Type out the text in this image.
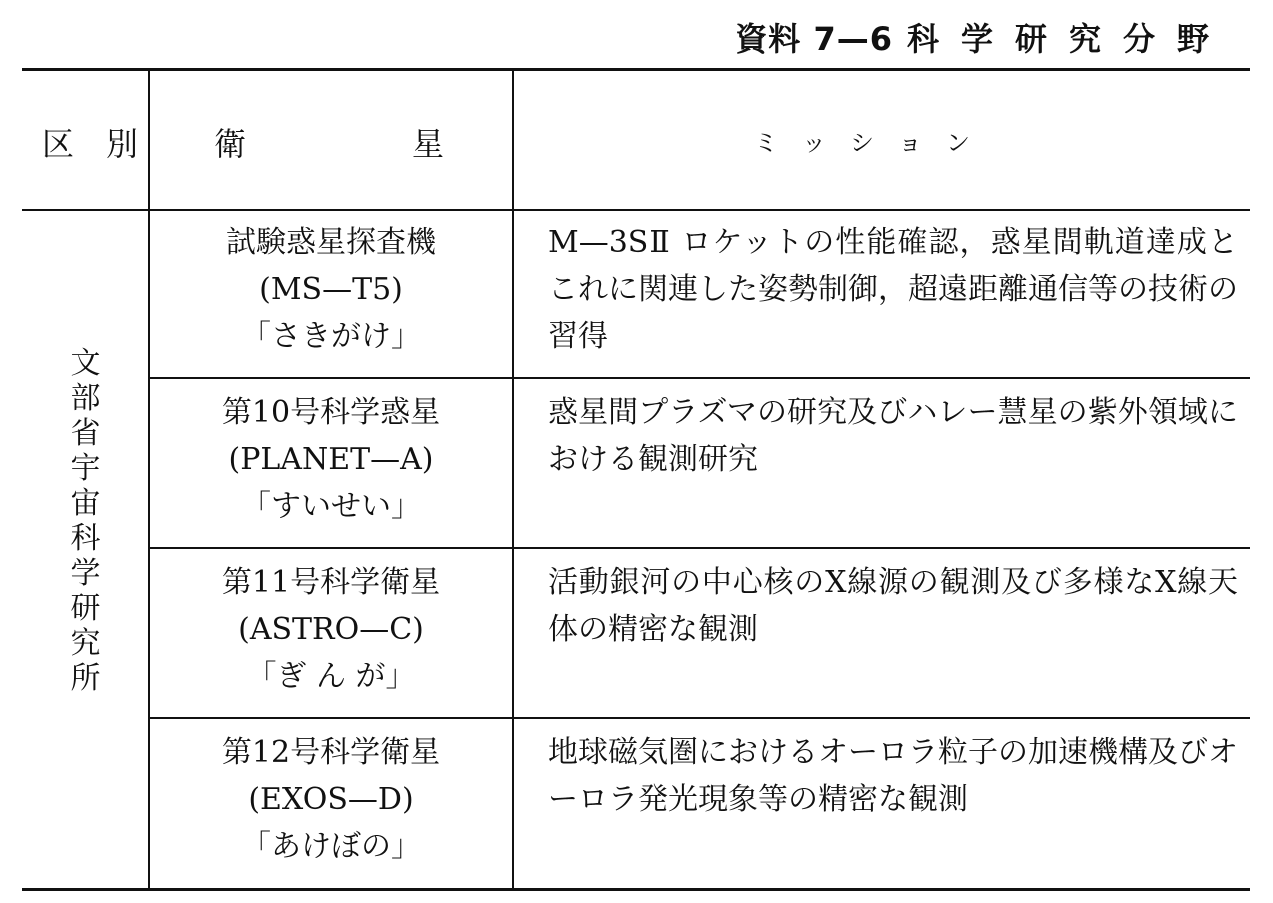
資料 7—6 科学研究分野
区　別 衛	星	ミ　ッ　シ　ョ　ン
文
部
省
宇
宙
科
学
研
究
所
試験惑星探査機
(MS—T5)
「さきがけ」
M—3SⅡ ロケットの性能確認，惑星間軌道達成とこれに関連した姿勢制御，超遠距離通信等の技術の習得
第10号科学惑星
(PLANET—A)
「すいせい」
惑星間プラズマの研究及びハレー慧星の紫外領域における観測研究
第11号科学衛星
(ASTRO—C)
「ぎ ん が」
活動銀河の中心核のX線源の観測及び多様なX線天体の精密な観測
第12号科学衛星
(EXOS—D)
「あけぼの」
地球磁気圏におけるオーロラ粒子の加速機構及びオーロラ発光現象等の精密な観測
